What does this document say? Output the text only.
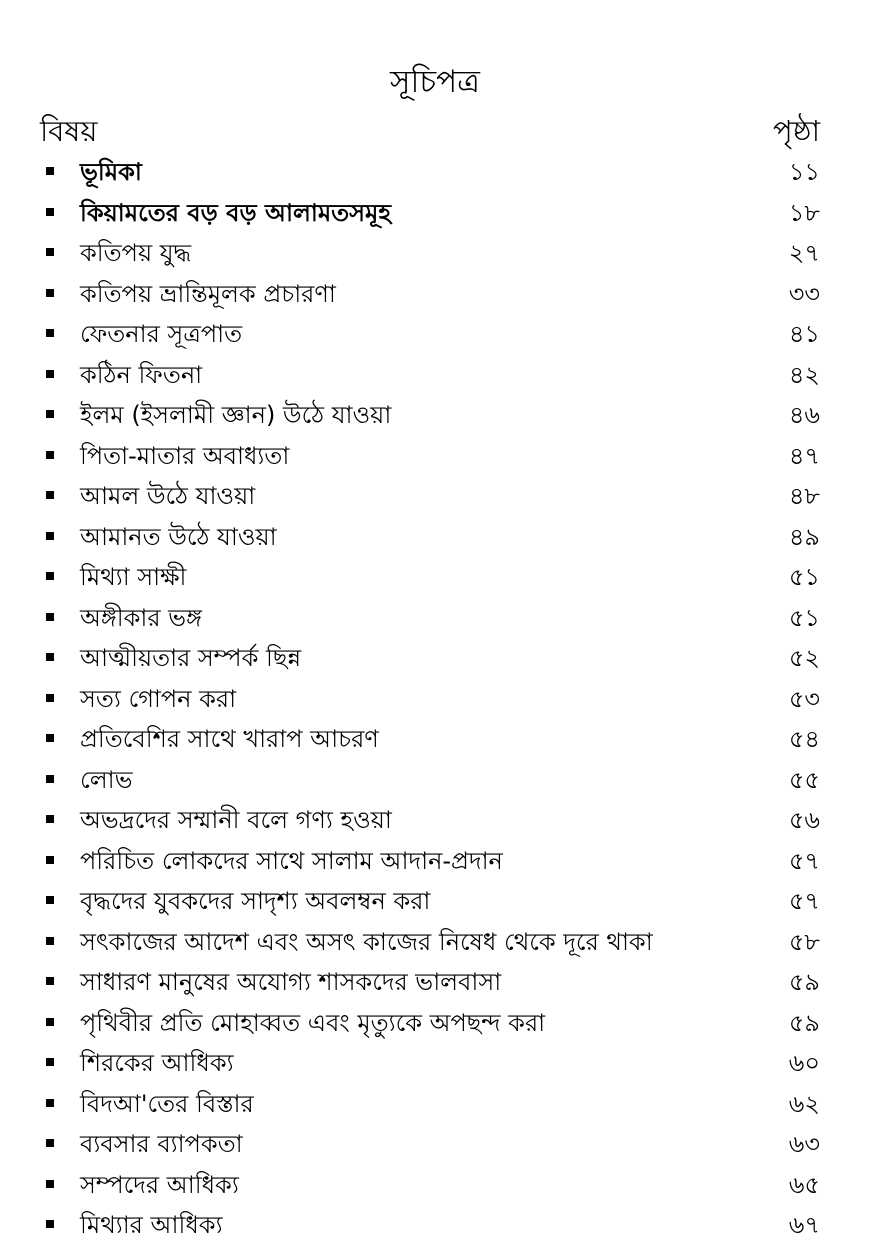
সূচিপত্র
বিষয়	পৃষ্ঠা
ভূমিকা	১১
কিয়ামতের বড় বড় আলামতসমূহ	১৮
কতিপয় যুদ্ধ	২৭
কতিপয় ভ্রান্তিমূলক প্রচারণা	৩৩
ফেতনার সূত্রপাত	৪১
কঠিন ফিতনা	৪২
ইলম (ইসলামী জ্ঞান) উঠে যাওয়া	৪৬
পিতা-মাতার অবাধ্যতা	৪৭
আমল উঠে যাওয়া	৪৮
আমানত উঠে যাওয়া	৪৯
মিথ্যা সাক্ষী	৫১
অঙ্গীকার ভঙ্গ	৫১
আত্মীয়তার সম্পর্ক ছিন্ন	৫২
সত্য গোপন করা	৫৩
প্রতিবেশির সাথে খারাপ আচরণ	৫৪
লোভ	৫৫
অভদ্রদের সম্মানী বলে গণ্য হওয়া	৫৬
পরিচিত লোকদের সাথে সালাম আদান-প্রদান	৫৭
বৃদ্ধদের যুবকদের সাদৃশ্য অবলম্বন করা	৫৭
সৎকাজের আদেশ এবং অসৎ কাজের নিষেধ থেকে দূরে থাকা	৫৮
সাধারণ মানুষের অযোগ্য শাসকদের ভালবাসা	৫৯
পৃথিবীর প্রতি মোহাব্বত এবং মৃত্যুকে অপছন্দ করা	৫৯
শিরকের আধিক্য	৬০
বিদআ'তের বিস্তার	৬২
ব্যবসার ব্যাপকতা	৬৩
সম্পদের আধিক্য	৬৫
মিথ্যার আধিক্য	৬৭
